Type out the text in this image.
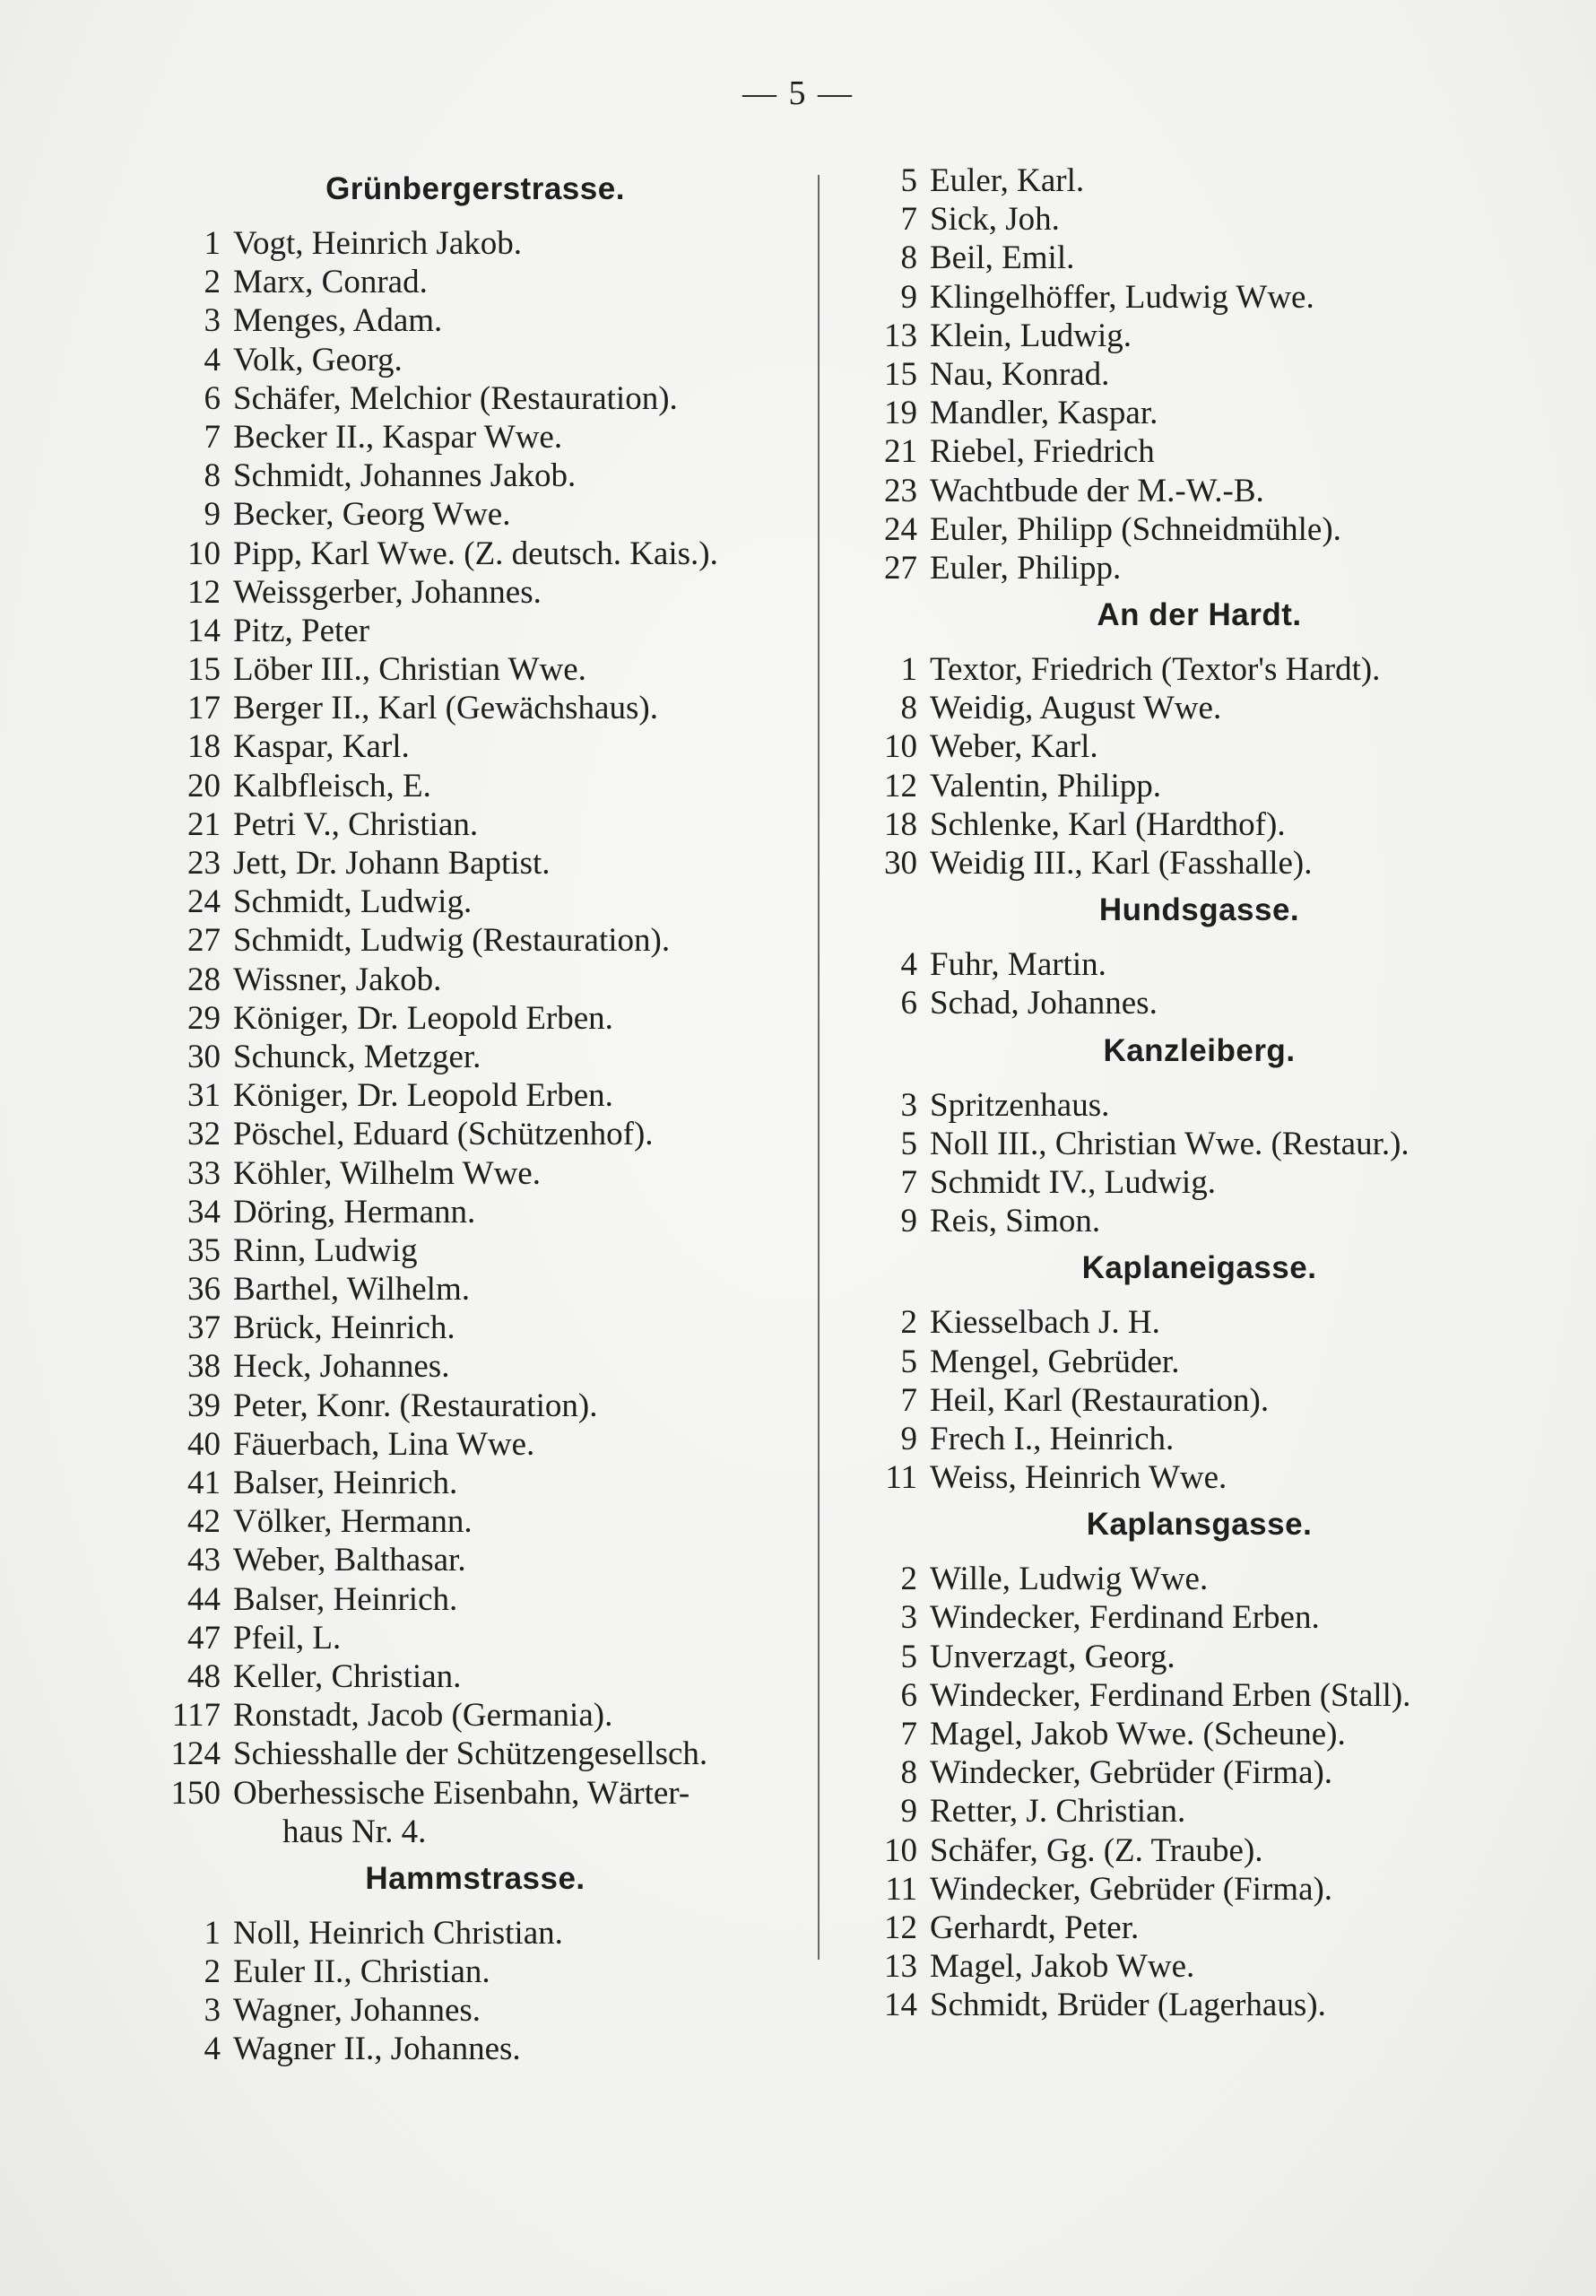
— 5 —
Grünbergerstrasse.
1 Vogt, Heinrich Jakob.
2 Marx, Conrad.
3 Menges, Adam.
4 Volk, Georg.
6 Schäfer, Melchior (Restauration).
7 Becker II., Kaspar Wwe.
8 Schmidt, Johannes Jakob.
9 Becker, Georg Wwe.
10 Pipp, Karl Wwe. (Z. deutsch. Kais.).
12 Weissgerber, Johannes.
14 Pitz, Peter
15 Löber III., Christian Wwe.
17 Berger II., Karl (Gewächshaus).
18 Kaspar, Karl.
20 Kalbfleisch, E.
21 Petri V., Christian.
23 Jett, Dr. Johann Baptist.
24 Schmidt, Ludwig.
27 Schmidt, Ludwig (Restauration).
28 Wissner, Jakob.
29 Königer, Dr. Leopold Erben.
30 Schunck, Metzger.
31 Königer, Dr. Leopold Erben.
32 Pöschel, Eduard (Schützenhof).
33 Köhler, Wilhelm Wwe.
34 Döring, Hermann.
35 Rinn, Ludwig
36 Barthel, Wilhelm.
37 Brück, Heinrich.
38 Heck, Johannes.
39 Peter, Konr. (Restauration).
40 Fäuerbach, Lina Wwe.
41 Balser, Heinrich.
42 Völker, Hermann.
43 Weber, Balthasar.
44 Balser, Heinrich.
47 Pfeil, L.
48 Keller, Christian.
117 Ronstadt, Jacob (Germania).
124 Schiesshalle der Schützengesellsch.
150 Oberhessische Eisenbahn, Wärter-
haus Nr. 4.
Hammstrasse.
1 Noll, Heinrich Christian.
2 Euler II., Christian.
3 Wagner, Johannes.
4 Wagner II., Johannes.
5 Euler, Karl.
7 Sick, Joh.
8 Beil, Emil.
9 Klingelhöffer, Ludwig Wwe.
13 Klein, Ludwig.
15 Nau, Konrad.
19 Mandler, Kaspar.
21 Riebel, Friedrich
23 Wachtbude der M.-W.-B.
24 Euler, Philipp (Schneidmühle).
27 Euler, Philipp.
An der Hardt.
1 Textor, Friedrich (Textor's Hardt).
8 Weidig, August Wwe.
10 Weber, Karl.
12 Valentin, Philipp.
18 Schlenke, Karl (Hardthof).
30 Weidig III., Karl (Fasshalle).
Hundsgasse.
4 Fuhr, Martin.
6 Schad, Johannes.
Kanzleiberg.
3 Spritzenhaus.
5 Noll III., Christian Wwe. (Restaur.).
7 Schmidt IV., Ludwig.
9 Reis, Simon.
Kaplaneigasse.
2 Kiesselbach J. H.
5 Mengel, Gebrüder.
7 Heil, Karl (Restauration).
9 Frech I., Heinrich.
11 Weiss, Heinrich Wwe.
Kaplansgasse.
2 Wille, Ludwig Wwe.
3 Windecker, Ferdinand Erben.
5 Unverzagt, Georg.
6 Windecker, Ferdinand Erben (Stall).
7 Magel, Jakob Wwe. (Scheune).
8 Windecker, Gebrüder (Firma).
9 Retter, J. Christian.
10 Schäfer, Gg. (Z. Traube).
11 Windecker, Gebrüder (Firma).
12 Gerhardt, Peter.
13 Magel, Jakob Wwe.
14 Schmidt, Brüder (Lagerhaus).
